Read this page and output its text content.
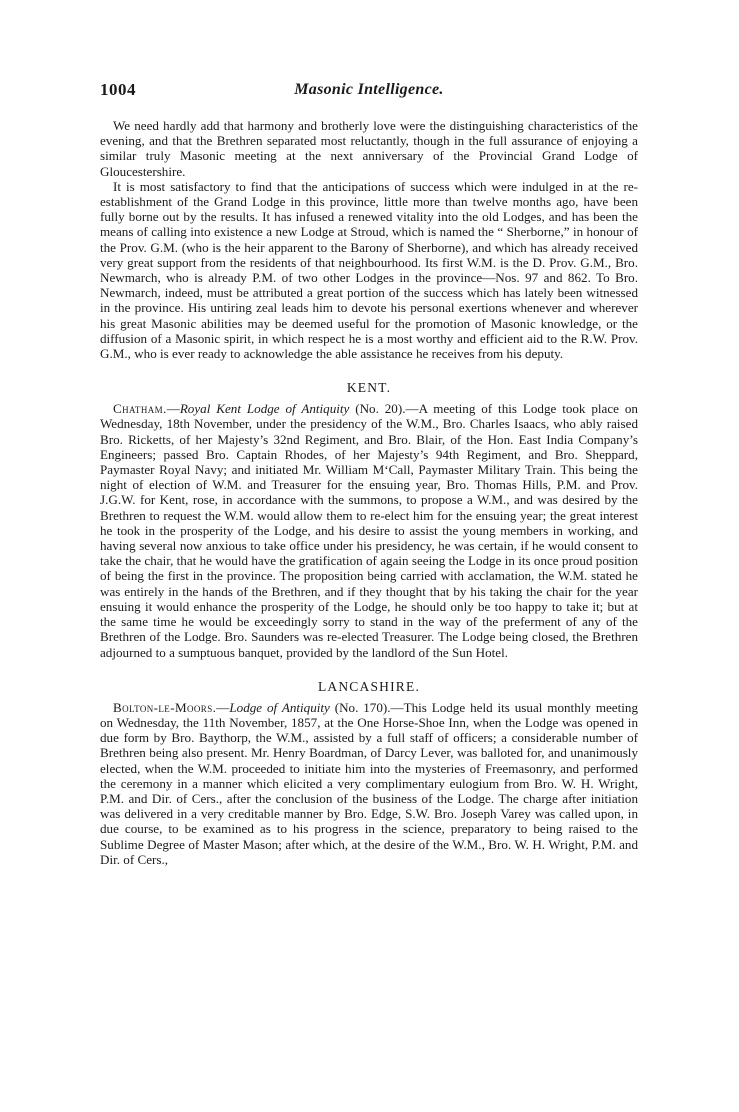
1004	Masonic Intelligence.

We need hardly add that harmony and brotherly love were the distinguishing characteristics of the evening, and that the Brethren separated most reluctantly, though in the full assurance of enjoying a similar truly Masonic meeting at the next anniversary of the Provincial Grand Lodge of Gloucestershire.

It is most satisfactory to find that the anticipations of success which were indulged in at the re-establishment of the Grand Lodge in this province, little more than twelve months ago, have been fully borne out by the results. It has infused a renewed vitality into the old Lodges, and has been the means of calling into existence a new Lodge at Stroud, which is named the “ Sherborne,” in honour of the Prov. G.M. (who is the heir apparent to the Barony of Sherborne), and which has already received very great support from the residents of that neighbourhood. Its first W.M. is the D. Prov. G.M., Bro. Newmarch, who is already P.M. of two other Lodges in the province—Nos. 97 and 862. To Bro. Newmarch, indeed, must be attributed a great portion of the success which has lately been witnessed in the province. His untiring zeal leads him to devote his personal exertions whenever and wherever his great Masonic abilities may be deemed useful for the promotion of Masonic knowledge, or the diffusion of a Masonic spirit, in which respect he is a most worthy and efficient aid to the R.W. Prov. G.M., who is ever ready to acknowledge the able assistance he receives from his deputy.

KENT.

Chatham.—Royal Kent Lodge of Antiquity (No. 20).—A meeting of this Lodge took place on Wednesday, 18th November, under the presidency of the W.M., Bro. Charles Isaacs, who ably raised Bro. Ricketts, of her Majesty’s 32nd Regiment, and Bro. Blair, of the Hon. East India Company’s Engineers; passed Bro. Captain Rhodes, of her Majesty’s 94th Regiment, and Bro. Sheppard, Paymaster Royal Navy; and initiated Mr. William M‘Call, Paymaster Military Train. This being the night of election of W.M. and Treasurer for the ensuing year, Bro. Thomas Hills, P.M. and Prov. J.G.W. for Kent, rose, in accordance with the summons, to propose a W.M., and was desired by the Brethren to request the W.M. would allow them to re-elect him for the ensuing year; the great interest he took in the prosperity of the Lodge, and his desire to assist the young members in working, and having several now anxious to take office under his presidency, he was certain, if he would consent to take the chair, that he would have the gratification of again seeing the Lodge in its once proud position of being the first in the province. The proposition being carried with acclamation, the W.M. stated he was entirely in the hands of the Brethren, and if they thought that by his taking the chair for the year ensuing it would enhance the prosperity of the Lodge, he should only be too happy to take it; but at the same time he would be exceedingly sorry to stand in the way of the preferment of any of the Brethren of the Lodge. Bro. Saunders was re-elected Treasurer. The Lodge being closed, the Brethren adjourned to a sumptuous banquet, provided by the landlord of the Sun Hotel.

LANCASHIRE.

Bolton-le-Moors.—Lodge of Antiquity (No. 170).—This Lodge held its usual monthly meeting on Wednesday, the 11th November, 1857, at the One Horse-Shoe Inn, when the Lodge was opened in due form by Bro. Baythorp, the W.M., assisted by a full staff of officers; a considerable number of Brethren being also present. Mr. Henry Boardman, of Darcy Lever, was balloted for, and unanimously elected, when the W.M. proceeded to initiate him into the mysteries of Freemasonry, and performed the ceremony in a manner which elicited a very complimentary eulogium from Bro. W. H. Wright, P.M. and Dir. of Cers., after the conclusion of the business of the Lodge. The charge after initiation was delivered in a very creditable manner by Bro. Edge, S.W. Bro. Joseph Varey was called upon, in due course, to be examined as to his progress in the science, preparatory to being raised to the Sublime Degree of Master Mason; after which, at the desire of the W.M., Bro. W. H. Wright, P.M. and Dir. of Cers.,
